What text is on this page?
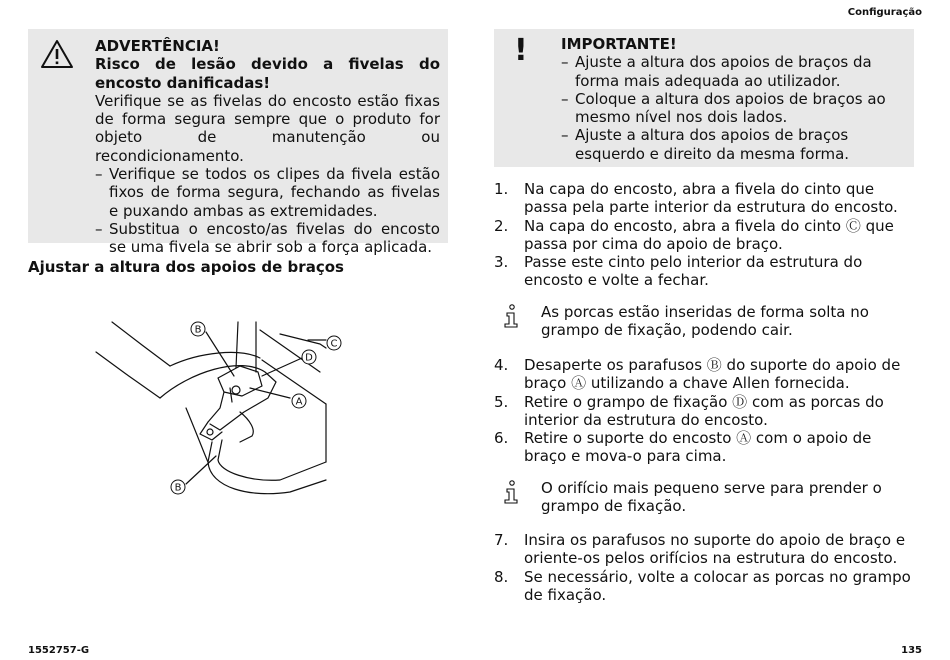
Configuração
ADVERTÊNCIA!
Risco de lesão devido a fivelas do encosto danificadas!
Verifique se as fivelas do encosto estão fixas de forma segura sempre que o produto for objeto de manutenção ou recondicionamento.
– Verifique se todos os clipes da fivela estão fixos de forma segura, fechando as fivelas e puxando ambas as extremidades.
– Substitua o encosto/as fivelas do encosto se uma fivela se abrir sob a força aplicada.
Ajustar a altura dos apoios de braços
B
C
D
A
B
! IMPORTANTE!
– Ajuste a altura dos apoios de braços da forma mais adequada ao utilizador.
– Coloque a altura dos apoios de braços ao mesmo nível nos dois lados.
– Ajuste a altura dos apoios de braços esquerdo e direito da mesma forma.
1. Na capa do encosto, abra a fivela do cinto que passa pela parte interior da estrutura do encosto.
2. Na capa do encosto, abra a fivela do cinto Ⓒ que passa por cima do apoio de braço.
3. Passe este cinto pelo interior da estrutura do encosto e volte a fechar.
As porcas estão inseridas de forma solta no grampo de fixação, podendo cair.
4. Desaperte os parafusos Ⓑ do suporte do apoio de braço Ⓐ utilizando a chave Allen fornecida.
5. Retire o grampo de fixação Ⓓ com as porcas do interior da estrutura do encosto.
6. Retire o suporte do encosto Ⓐ com o apoio de braço e mova-o para cima.
O orifício mais pequeno serve para prender o grampo de fixação.
7. Insira os parafusos no suporte do apoio de braço e oriente-os pelos orifícios na estrutura do encosto.
8. Se necessário, volte a colocar as porcas no grampo de fixação.
1552757-G	135
